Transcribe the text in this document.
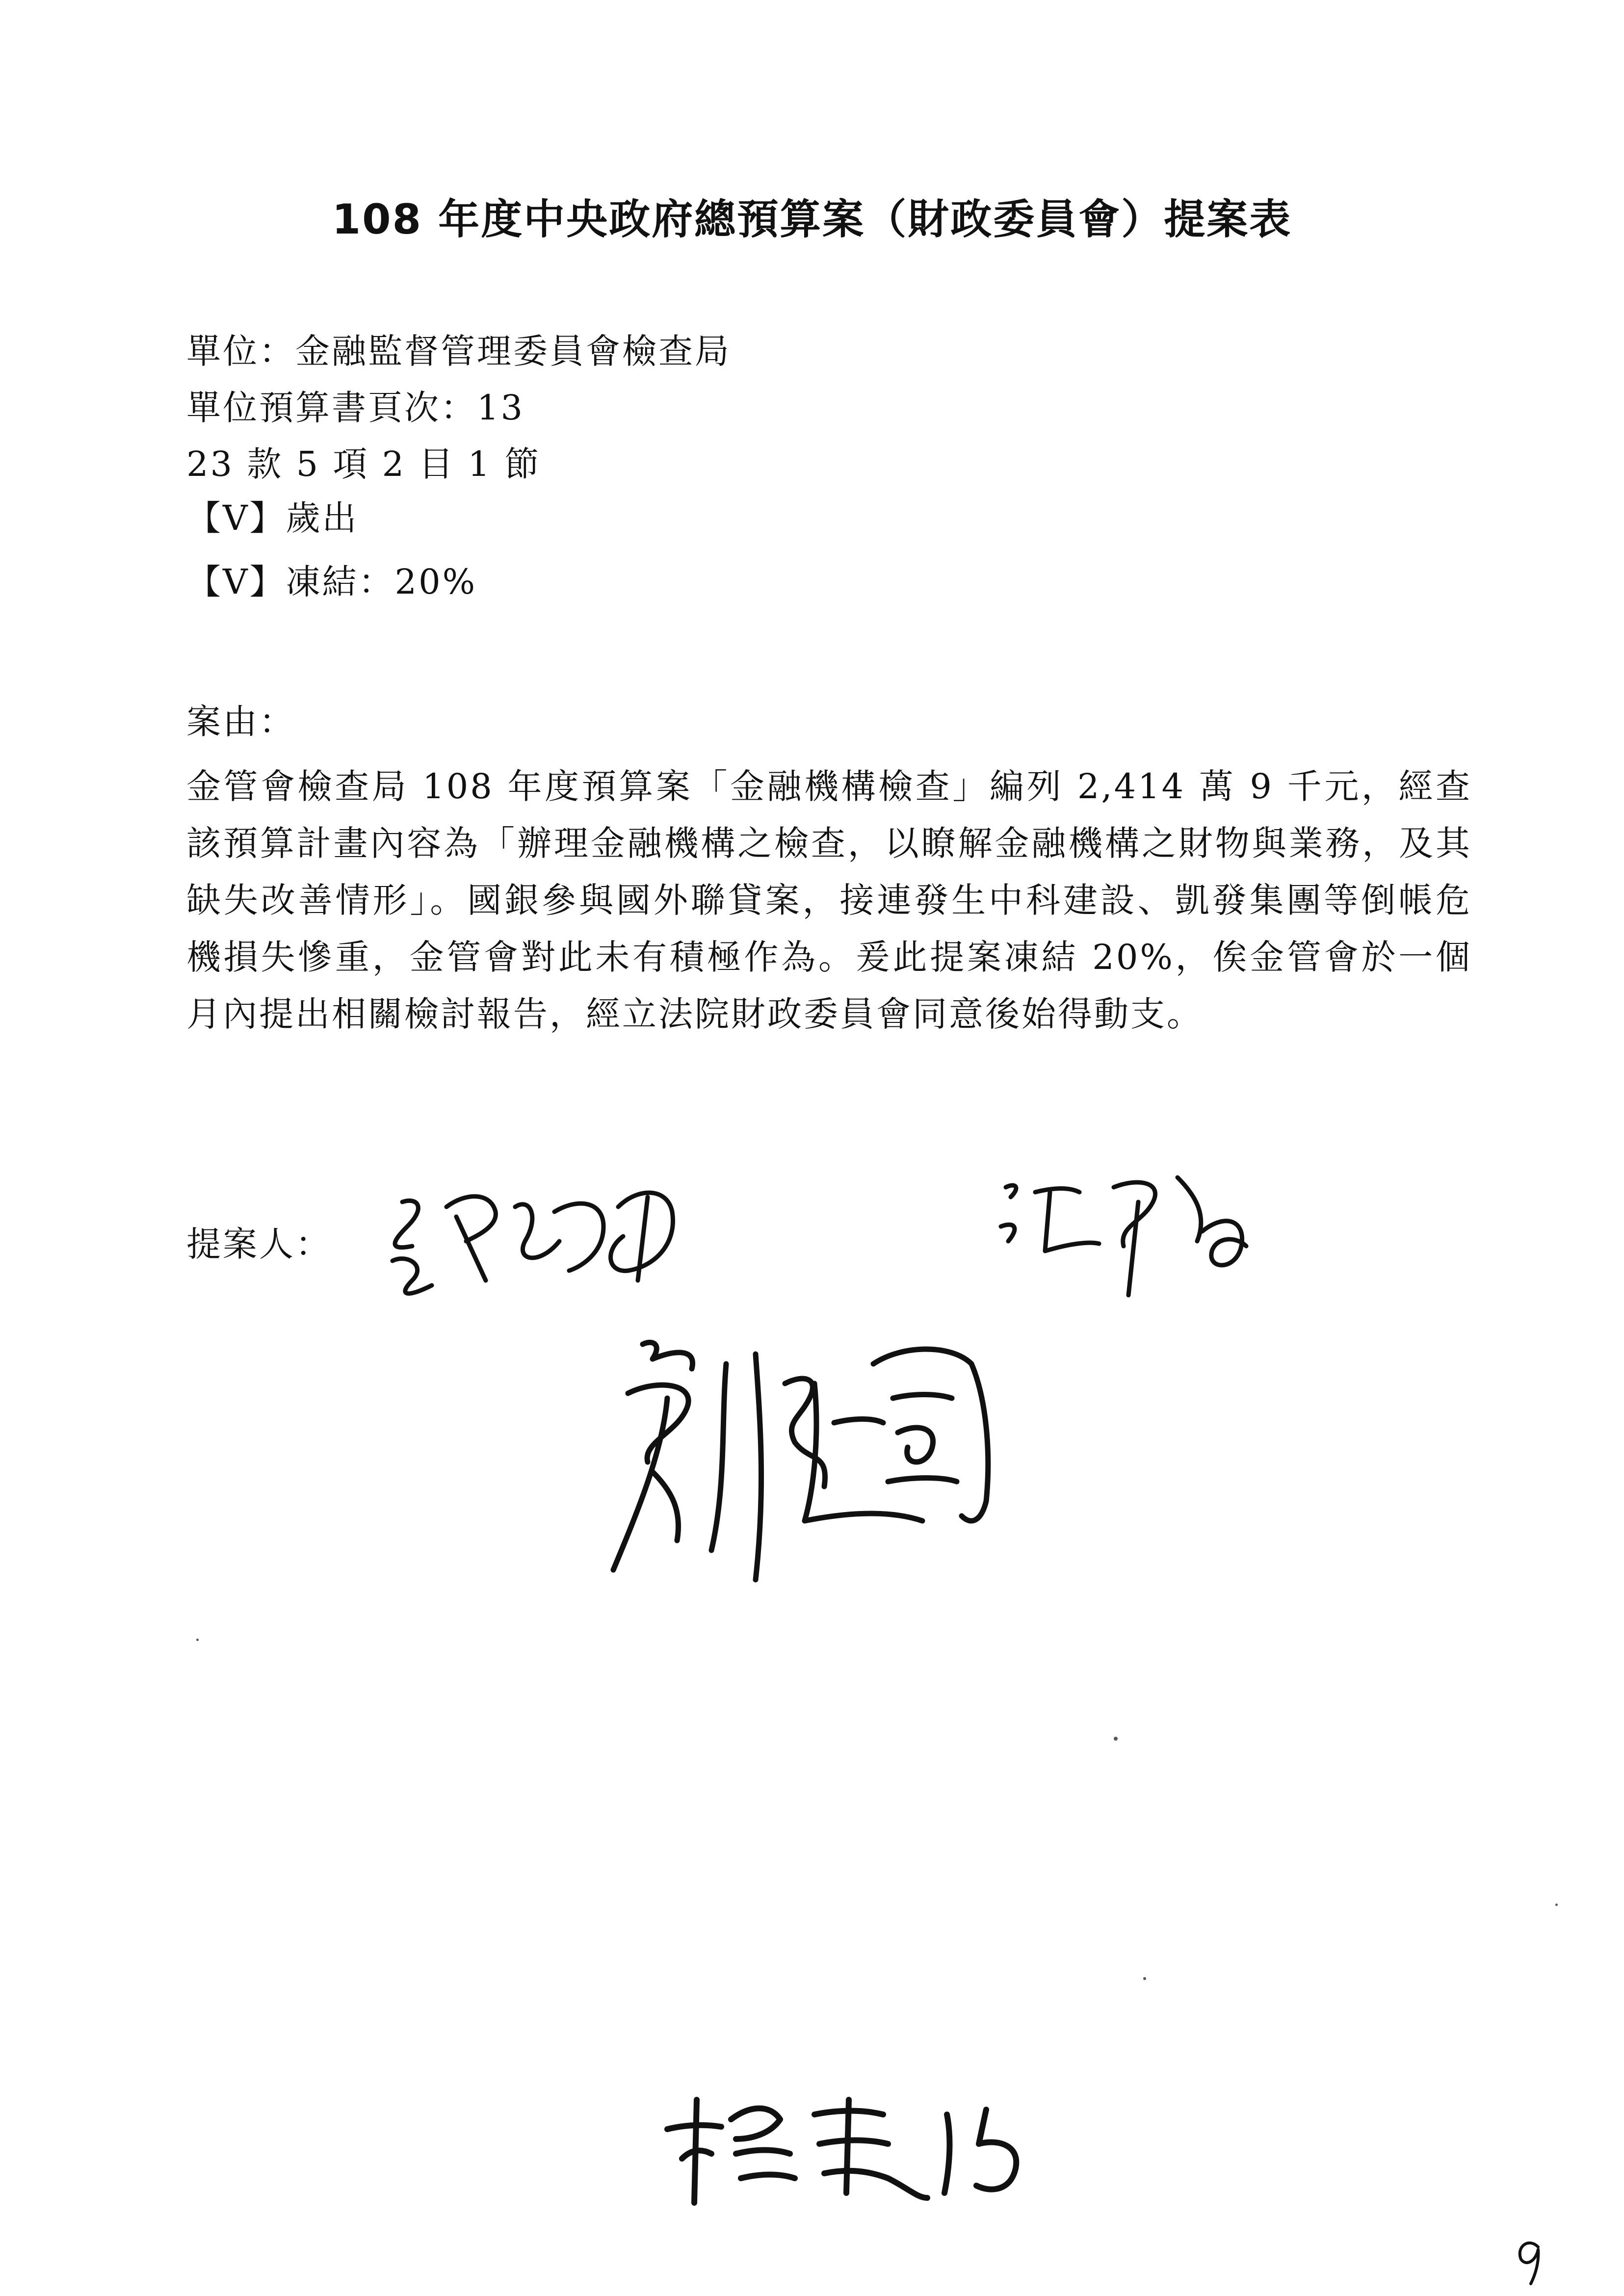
108 年度中央政府總預算案（財政委員會）提案表
單位：金融監督管理委員會檢查局
單位預算書頁次：13
23 款 5 項 2 目 1 節
【V】歲出
【V】凍結：20%
案由：
金管會檢查局 108 年度預算案「金融機構檢查」編列 2,414 萬 9 千元，經查該預算計畫內容為「辦理金融機構之檢查，以瞭解金融機構之財物與業務，及其缺失改善情形」。國銀參與國外聯貸案，接連發生中科建設、凱發集團等倒帳危機損失慘重，金管會對此未有積極作為。爰此提案凍結 20%，俟金管會於一個月內提出相關檢討報告，經立法院財政委員會同意後始得動支。
提案人：
